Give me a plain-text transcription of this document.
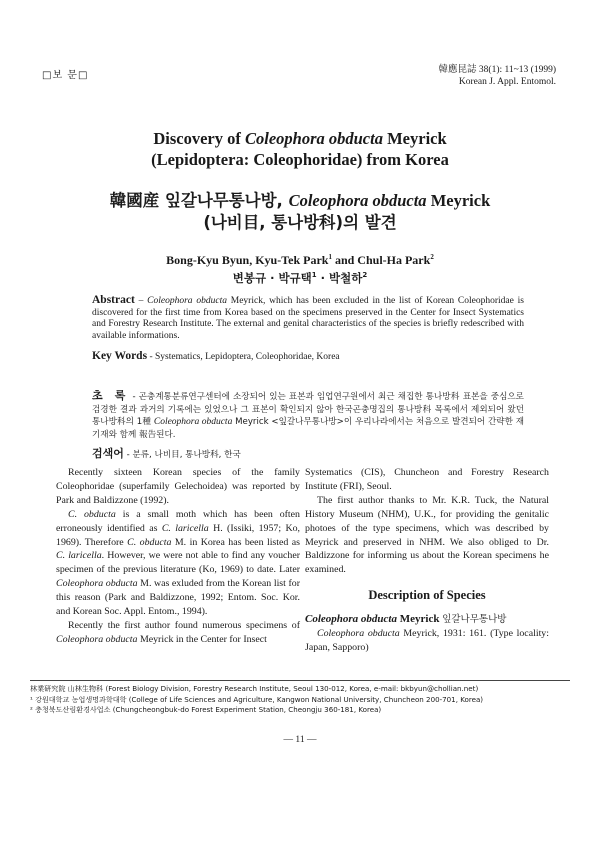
□보 문□	韓應昆誌 38(1): 11~13 (1999)
Korean J. Appl. Entomol.
Discovery of Coleophora obducta Meyrick
(Lepidoptera: Coleophoridae) from Korea
韓國産 잎갈나무통나방, Coleophora obducta Meyrick
(나비目, 통나방科)의 발견
Bong-Kyu Byun, Kyu-Tek Park$^1$ and Chul-Ha Park$^2$
변봉규 · 박규택$^1$ · 박철하$^2$
Abstract – Coleophora obducta Meyrick, which has been excluded in the list of Korean Coleophoridae is discovered for the first time from Korea based on the specimens preserved in the Center for Insect Systematics and Forestry Research Institute. The external and genital characteristics of the species is briefly redescribed with available informations.
Key Words - Systematics, Lepidoptera, Coleophoridae, Korea
초 록 - 곤충계통분류연구센터에 소장되어 있는 표본과 임업연구원에서 최근 채집한 통나방科 표본을 중심으로 검경한 결과 과거의 기록에는 있었으나 그 표본이 확인되지 않아 한국곤충명집의 통나방科 목록에서 제외되어 왔던 통나방科의 1種 Coleophora obducta Meyrick <잎갈나무통나방>이 우리나라에서는 처음으로 발견되어 간략한 재기재와 함께 報告된다.
검색어 - 분류, 나비目, 통나방科, 한국

Recently sixteen Korean species of the family Coleophoridae (superfamily Gelechoidea) was reported by Park and Baldizzone (1992).

C. obducta is a small moth which has been often erroneously identified as C. laricella H. (Issiki, 1957; Ko, 1969). Therefore C. obducta M. in Korea has been listed as C. laricella. However, we were not able to find any voucher specimen of the previous literature (Ko, 1969) to date. Later Coleophora obducta M. was exluded from the Korean list for this reason (Park and Baldizzone, 1992; Entom. Soc. Kor. and Korean Soc. Appl. Entom., 1994).

Recently the first author found numerous specimens of Coleophora obducta Meyrick in the Center for Insect

Systematics (CIS), Chuncheon and Forestry Research Institute (FRI), Seoul.

The first author thanks to Mr. K.R. Tuck, the Natural History Museum (NHM), U.K., for providing the genitalic photoes of the type specimens, which was described by Meyrick and preserved in NHM. We also obliged to Dr. Baldizzone for informing us about the Korean specimens he examined.

Description of Species

Coleophora obducta Meyrick 잎갈나무통나방

Coleophora obducta Meyrick, 1931: 161. (Type locality: Japan, Sapporo)

林業硏究院 山林生物科 (Forest Biology Division, Forestry Research Institute, Seoul 130-012, Korea, e-mail: bkbyun@chollian.net)
¹ 강원대학교 농업생명과학대학 (College of Life Sciences and Agriculture, Kangwon National University, Chuncheon 200-701, Korea)
² 충청북도산림환경사업소 (Chungcheongbuk-do Forest Experiment Station, Cheongju 360-181, Korea)
— 11 —
